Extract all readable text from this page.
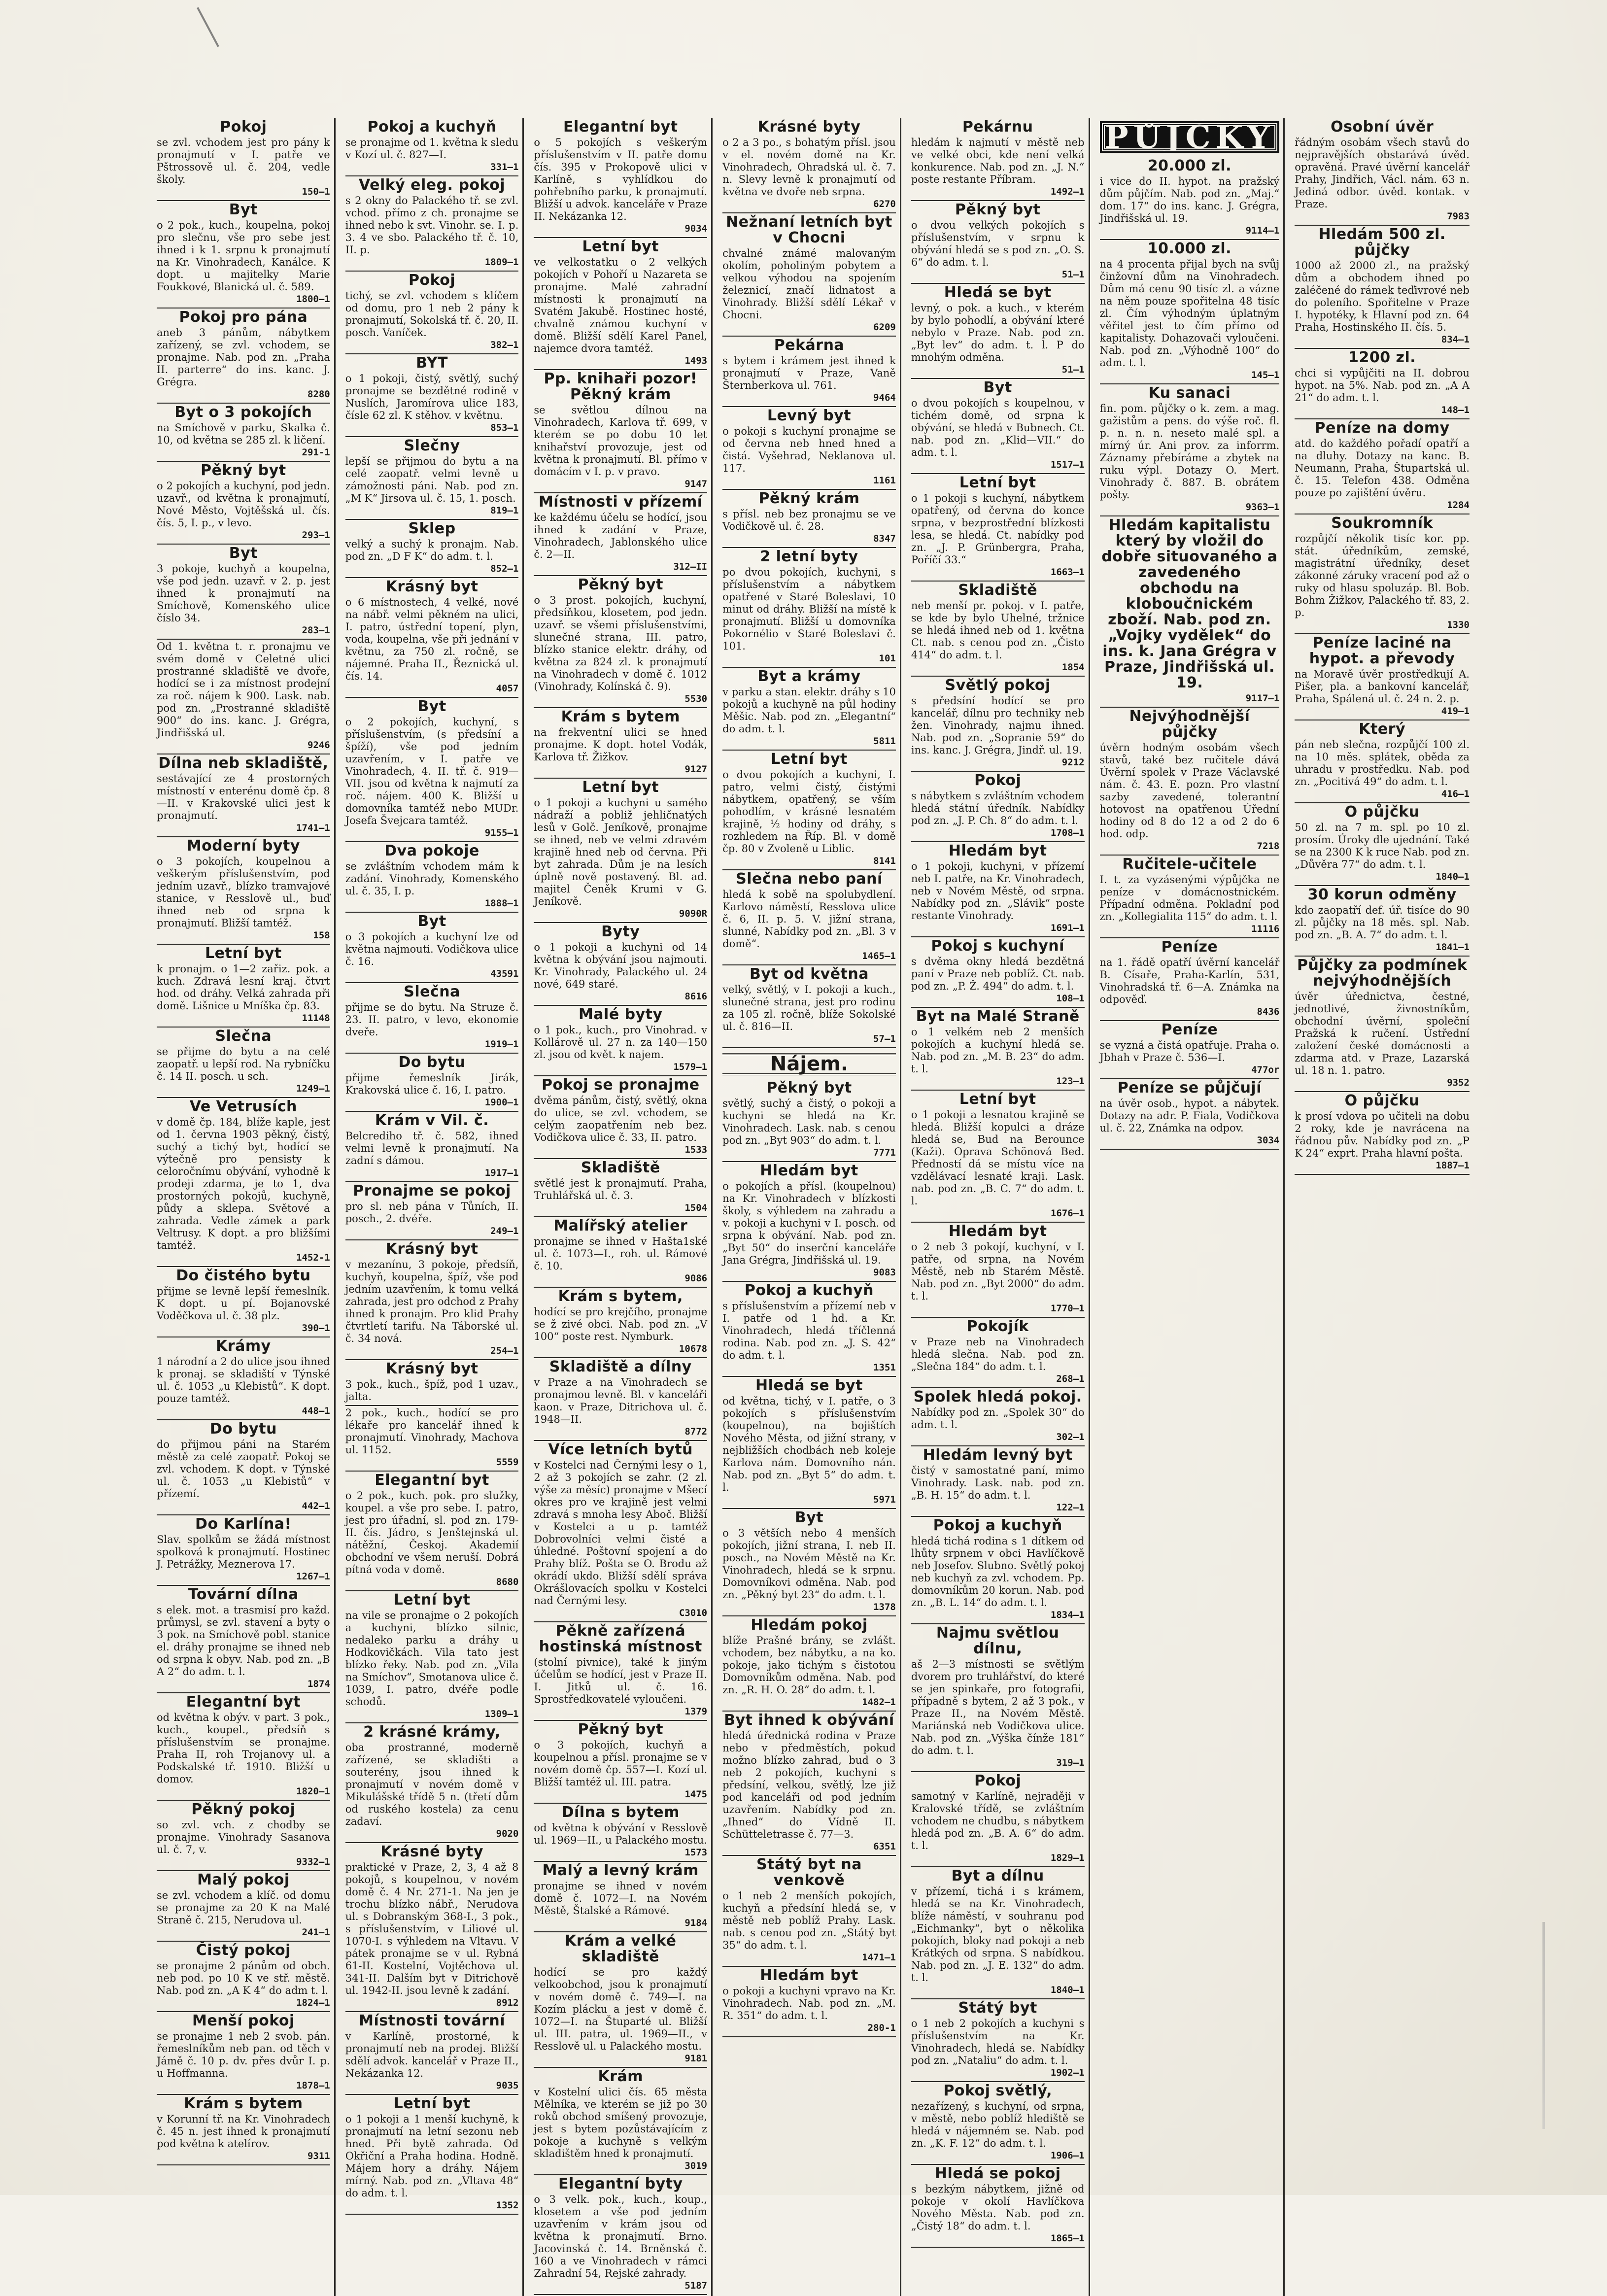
Pokoj

se zvl. vchodem jest pro pány k pronajmutí v I. patře ve Pštrossově ul. č. 204, vedle školy.

150—1
Byt

o 2 pok., kuch., koupelna, pokoj pro slečnu, vše pro sebe jest ihned i k 1. srpnu k pronajmutí na Kr. Vinohradech, Kanálce. K dopt. u majitelky Marie Foukkové, Blanická ul. č. 589.

1800—1
Pokoj pro pána

aneb 3 pánům, nábytkem zařízený, se zvl. vchodem, se pronajme. Nab. pod zn. „Praha II. parterre“ do ins. kanc. J. Grégra.

8280
Byt o 3 pokojích

na Smíchově v parku, Skalka č. 10, od května se 285 zl. k ličení.

291-1
Pěkný byt

o 2 pokojích a kuchyní, pod jedn. uzavř., od května k pronajmutí, Nové Město, Vojtěšská ul. čís. čís. 5, I. p., v levo.

293—1
Byt

3 pokoje, kuchyň a koupelna, vše pod jedn. uzavř. v 2. p. jest ihned k pronajmutí na Smíchově, Komenského ulice číslo 34.

283—1

Od 1. května t. r. pronajmu ve svém domě v Celetné ulici prostranné skladiště ve dvoře, hodící se i za místnost prodejní za roč. nájem k 900. Lask. nab. pod zn. „Prostranné skladiště 900“ do ins. kanc. J. Grégra, Jindřišská ul.

9246
Dílna neb skladiště,

sestávající ze 4 prostorných místností v enterénu domě čp. 8—II. v Krakovské ulici jest k pronajmutí.

1741—1
Moderní byty

o 3 pokojích, koupelnou a veškerým příslušenstvím, pod jedním uzavř., blízko tramvajové stanice, v Resslově ul., buď ihned neb od srpna k pronajmutí. Bližší tamtéž.

158
Letní byt

k pronajm. o 1—2 zařiz. pok. a kuch. Zdravá lesní kraj. čtvrt hod. od dráhy. Velká zahrada při domě. Lišnice u Mníška čp. 83.

11148
Slečna

se přijme do bytu a na celé zaopatř. u lepší rod. Na rybníčku č. 14 II. posch. u sch.

1249—1
Ve Vetrusích

v domě čp. 184, blíže kaple, jest od 1. června 1903 pěkný, čistý, suchý a tichý byt, hodící se výtečně pro pensisty k celoročnímu obývání, vyhodně k prodeji zdarma, je to 1, dva prostorných pokojů, kuchyně, půdy a sklepa. Světové a zahrada. Vedle zámek a park Veltrusy. K dopt. a pro bližšími tamtéž.

1452-1
Do čistého bytu

přijme se levně lepší řemeslník. K dopt. u pí. Bojanovské Voděčkova ul. č. 38 plz.

390—1
Krámy

1 národní a 2 do ulice jsou ihned k pronaj. se skladiští v Týnské ul. č. 1053 „u Klebistů“. K dopt. pouze tamtéž.

448—1
Do bytu

do přijmou páni na Starém městě za celé zaopatř. Pokoj se zvl. vchodem. K dopt. v Týnské ul. č. 1053 „u Klebistů“ v přízemí.

442—1
Do Karlína!

Slav. spolkům se žádá místnost spolková k pronajmutí. Hostinec J. Petrážky, Meznerova 17.

1267—1
Tovární dílna

s elek. mot. a trasmisí pro každ. průmysl, se zvl. stavení a byty o 3 pok. na Smíchově pobl. stanice el. dráhy pronajme se ihned neb od srpna k obyv. Nab. pod zn. „B A 2“ do adm. t. l.

1874
Elegantní byt

od května k obýv. v part. 3 pok., kuch., koupel., předsíň s příslušenstvím se pronajme. Praha II, roh Trojanovy ul. a Podskalské tř. 1910. Bližší u domov.

1820—1
Pěkný pokoj

so zvl. vch. z chodby se pronajme. Vinohrady Sasanova ul. č. 7, v.

9332—1
Malý pokoj

se zvl. vchodem a klíč. od domu se pronajme za 20 K na Malé Straně č. 215, Nerudova ul.

241—1
Čistý pokoj

se pronajme 2 pánům od obch. neb pod. po 10 K ve stř. městě. Nab. pod zn. „A K 4“ do adm t. l.

1824—1
Menší pokoj

se pronajme 1 neb 2 svob. pán. řemeslníkům neb pan. od těch v Jámě č. 10 p. dv. přes dvůr I. p. u Hoffmanna.

1878—1
Krám s bytem

v Korunní tř. na Kr. Vinohradech č. 45 n. jest ihned k pronajmutí pod května k atelírov.

9311
Pokoj a kuchyň

se pronajme od 1. května k sledu v Kozí ul. č. 827—I.

331—1
Velký eleg. pokoj

s 2 okny do Palackého tř. se zvl. vchod. přímo z ch. pronajme se ihned nebo k svt. Vinohr. se. I. p. 3. 4 ve sbo. Palackého tř. č. 10, II. p.

1809—1
Pokoj

tichý, se zvl. vchodem s klíčem od domu, pro 1 neb 2 pány k pronajmutí, Sokolská tř. č. 20, II. posch. Vaníček.

382—1
BYT

o 1 pokoji, čistý, světlý, suchý pronajme se bezdětné rodině v Nuslích, Jaromírova ulice 183, čísle 62 zl. K stěhov. v květnu.

853—1
Slečny

lepší se přijmou do bytu a na celé zaopatř. velmi levně u zámožnosti páni. Nab. pod zn. „M K“ Jirsova ul. č. 15, 1. posch.

819—1
Sklep

velký a suchý k pronajm. Nab. pod zn. „D F K“ do adm. t. l.

852—1
Krásný byt

o 6 místnostech, 4 velké, nové na nábř. velmi pěkném na ulici, I. patro, ústřední topení, plyn, voda, koupelna, vše při jednání v květnu, za 750 zl. ročně, se nájemné. Praha II., Řeznická ul. čís. 14.

4057
Byt

o 2 pokojích, kuchyní, s příslušenstvím, (s předsíní a špíží), vše pod jedním uzavřením, v I. patře ve Vinohradech, 4. II. tř. č. 919—VII. jsou od května k najmutí za roč. nájem. 400 K. Bližší u domovníka tamtéž nebo MUDr. Josefa Švejcara tamtéž.

9155—1
Dva pokoje

se zvláštním vchodem mám k zadání. Vinohrady, Komenského ul. č. 35, I. p.

1888—1
Byt

o 3 pokojích a kuchyní lze od května najmouti. Vodičkova ulice č. 16.

43591
Slečna

přijme se do bytu. Na Struze č. 23. II. patro, v levo, ekonomie dveře.

1919—1
Do bytu

přijme řemeslník Jirák, Krakovská ulice č. 16, I. patro.

1900—1
Krám v Vil. č.

Belcrediho tř. č. 582, ihned velmi levně k pronajmutí. Na zadní s dámou.

1917—1
Pronajme se pokoj

pro sl. neb pána v Tůních, II. posch., 2. dvéře.

249—1
Krásný byt

v mezanínu, 3 pokoje, předsíň, kuchyň, koupelna, špíž, vše pod jedním uzavřením, k tomu velká zahrada, jest pro odchod z Prahy ihned k pronajm. Pro klid Prahy čtvrtletí tarifu. Na Táborské ul. č. 34 nová.

254—1
Krásný byt

3 pok., kuch., špíž, pod 1 uzav., jalta.

2 pok., kuch., hodící se pro lékaře pro kancelář ihned k pronajmutí. Vinohrady, Machova ul. 1152.

5559
Elegantní byt

o 2 pok., kuch. pok. pro služky, koupel. a vše pro sebe. I. patro, jest pro úřadní, sl. pod zn. 179-II. čís. Jádro, s Jenštejnská ul. nátěžní, Českoj. Akademií obchodní ve všem neruší. Dobrá pítná voda v domě.

8680
Letní byt

na vile se pronajme o 2 pokojích a kuchyni, blízko silnic, nedaleko parku a dráhy u Hodkovičkách. Vila tato jest blízko řeky. Nab. pod zn. „Vila na Smíchov“, Smotanova ulice č. 1039, I. patro, dvéře podle schodů.

1309—1
2 krásné krámy,

oba prostranné, moderně zařízené, se skladišti a souterény, jsou ihned k pronajmutí v novém domě v Mikulášské třídě 5 n. (třetí dům od ruského kostela) za cenu zadaví.

9020
Krásné byty

praktické v Praze, 2, 3, 4 až 8 pokojů, s koupelnou, v novém domě č. 4 Nr. 271-1. Na jen je trochu blízko nábř., Nerudova ul. s Dobranským 368-I., 3 pok., s příslušenstvím, v Liliové ul. 1070-I. s výhledem na Vltavu. V pátek pronajme se v ul. Rybná 61-II. Kostelní, Vojtěchova ul. 341-II. Dalším byt v Ditrichově ul. 1942-II. jsou levně k zadání.

8912
Místnosti tovární

v Karlíně, prostorné, k pronajmutí neb na prodej. Bližší sdělí advok. kancelář v Praze II., Nekázanka 12.

9035
Letní byt

o 1 pokoji a 1 menší kuchyně, k pronajmutí na letní sezonu neb hned. Při bytě zahrada. Od Okřiční a Praha hodina. Hodně. Májem hory a dráhy. Nájem mírný. Nab. pod zn. „Vltava 48“ do adm. t. l.

1352
Elegantní byt

o 5 pokojích s veškerým příslušenstvím v II. patře domu čís. 395 v Prokopově ulici v Karlíně, s vyhlídkou do pohřebního parku, k pronajmutí. Bližší u advok. kanceláře v Praze II. Nekázanka 12.

9034
Letní byt

ve velkostatku o 2 velkých pokojích v Pohoří u Nazareta se pronajme. Malé zahradní místnosti k pronajmutí na Svatém Jakubě. Hostinec hosté, chvalně známou kuchyní v domě. Bližší sdělí Karel Panel, najemce dvora tamtéž.

1493
Pp. knihaři pozor! Pěkný krám

se světlou dílnou na Vinohradech, Karlova tř. 699, v kterém se po dobu 10 let knihařství provozuje, jest od května k pronajmutí. Bl. přímo v domácím v I. p. v pravo.

9147
Místnosti v přízemí

ke každému účelu se hodící, jsou ihned k zadání v Praze, Vinohradech, Jablonského ulice č. 2—II.

312—II
Pěkný byt

o 3 prost. pokojích, kuchyní, předsíňkou, klosetem, pod jedn. uzavř. se všemi příslušenstvími, slunečné strana, III. patro, blízko stanice elektr. dráhy, od května za 824 zl. k pronajmutí na Vinohradech v domě č. 1012 (Vinohrady, Kolínská č. 9).

5530
Krám s bytem

na frekventní ulici se hned pronajme. K dopt. hotel Vodák, Karlova tř. Žižkov.

9127
Letní byt

o 1 pokoji a kuchyni u samého nádraží a pobliž jehličnatých lesů v Golč. Jeníkově, pronajme se ihned, neb ve velmi zdravém krajině hned neb od června. Při byt zahrada. Dům je na lesích úplně nově postavený. Bl. ad. majitel Čeněk Krumi v G. Jeníkově.

9090R
Byty

o 1 pokoji a kuchyni od 14 května k obývání jsou najmouti. Kr. Vinohrady, Palackého ul. 24 nové, 649 staré.

8616
Malé byty

o 1 pok., kuch., pro Vinohrad. v Kollárově ul. 27 n. za 140—150 zl. jsou od květ. k najem.

1579—1
Pokoj se pronajme

dvěma pánům, čistý, světlý, okna do ulice, se zvl. vchodem, se celým zaopatřením neb bez. Vodičkova ulice č. 33, II. patro.

1533
Skladiště

světlé jest k pronajmutí. Praha, Truhlářská ul. č. 3.

1504
Malířský atelier

pronajme se ihned v Hašta1ské ul. č. 1073—I., roh. ul. Rámové č. 10.

9086
Krám s bytem,

hodící se pro krejčího, pronajme se ž zivé obci. Nab. pod zn. „V 100“ poste rest. Nymburk.

10678
Skladiště a dílny

v Praze a na Vinohradech se pronajmou levně. Bl. v kanceláři kaon. v Praze, Ditrichova ul. č. 1948—II.

8772
Více letních bytů

v Kostelci nad Černými lesy o 1, 2 až 3 pokojích se zahr. (2 zl. výše za měsíc) pronajme v Mšecí okres pro ve krajině jest velmi zdravá s mnoha lesy Aboč. Bližší v Kostelci a u p. tamtéž Dobrovolníci velmi čisté a úhledné. Poštovní spojení a do Prahy blíž. Pošta se O. Brodu až okrádí ukdo. Bližší sdělí správa Okrášlovacích spolku v Kostelci nad Černými lesy.

C3010
Pěkně zařízená hostinská místnost

(stolní pivnice), také k jiným účelům se hodící, jest v Praze II. I. Jitků ul. č. 16. Sprostředkovatelé vyloučeni.

1379
Pěkný byt

o 3 pokojích, kuchyň a koupelnou a přísl. pronajme se v novém domě čp. 557—I. Kozí ul. Bližší tamtéž ul. III. patra.

1475
Dílna s bytem

od května k obývání v Resslově ul. 1969—II., u Palackého mostu.

1573
Malý a levný krám

pronajme se ihned v novém domě č. 1072—I. na Novém Městě, Štalské a Rámové.

9184
Krám a velké skladiště

hodící se pro každý velkoobchod, jsou k pronajmutí v novém domě č. 749—I. na Kozím plácku a jest v domě č. 1072—I. na Štuparté ul. Bližší ul. III. patra, ul. 1969—II., v Resslově ul. u Palackého mostu.

9181
Krám

v Kostelní ulici čís. 65 města Mělníka, ve kterém se již po 30 roků obchod smíšený provozuje, jest s bytem pozůstávajícím z pokoje a kuchyně s velkým skladištěm hned k pronajmutí.

3019
Elegantní byty

o 3 velk. pok., kuch., koup., klosetem a vše pod jedním uzavřením v krám jsou od května k pronajmutí. Brno. Jacovinská č. 14. Brněnská č. 160 a ve Vinohradech v rámci Zahradní 54, Rejské zahrady.

5187
Krásné byty

o 2 a 3 po., s bohatým přísl. jsou v el. novém domě na Kr. Vinohradech, Ohradská ul. č. 7. n. Slevy levně k pronajmutí od května ve dvoře neb srpna.

6270
Nežnaní letních byt v Chocni

chvalné známé malovaným okolím, poholiným pobytem a velkou výhodou na spojením železnicí, značí lidnatost a Vinohrady. Bližší sdělí Lékař v Chocni.

6209
Pekárna

s bytem i krámem jest ihned k pronajmutí v Praze, Vaně Šternberkova ul. 761.

9464
Levný byt

o pokoji s kuchyní pronajme se od června neb hned hned a čistá. Vyšehrad, Neklanova ul. 117.

1161
Pěkný krám

s přísl. neb bez pronajmu se ve Vodičkově ul. č. 28.

8347
2 letní byty

po dvou pokojích, kuchyni, s příslušenstvím a nábytkem opatřené v Staré Boleslavi, 10 minut od dráhy. Bližší na místě k pronajmutí. Bližší u domovníka Pokornélio v Staré Boleslavi č. 101.

101
Byt a krámy

v parku a stan. elektr. dráhy s 10 pokojů a kuchyně na půl hodiny Měšic. Nab. pod zn. „Elegantní“ do adm. t. l.

5811
Letní byt

o dvou pokojích a kuchyni, I. patro, velmi čistý, čistými nábytkem, opatřený, se vším pohodlím, v krásné lesnatém krajině, ½ hodiny od dráhy, s rozhledem na Říp. Bl. v domě čp. 80 v Zvoleně u Liblic.

8141
Slečna nebo paní

hledá k sobě na spolubydlení. Karlovo náměstí, Resslova ulice č. 6, II. p. 5. V. jižní strana, slunné, Nabídky pod zn. „Bl. 3 v domě“.

1465—1
Byt od května

velký, světlý, v I. pokoji a kuch., slunečné strana, jest pro rodinu za 105 zl. ročně, blíže Sokolské ul. č. 816—II.

57—1
Nájem.
Pěkný byt

světlý, suchý a čistý, o pokoji a kuchyni se hledá na Kr. Vinohradech. Lask. nab. s cenou pod zn. „Byt 903“ do adm. t. l.

7771
Hledám byt

o pokojích a přísl. (koupelnou) na Kr. Vinohradech v blízkosti školy, s výhledem na zahradu a v. pokoji a kuchyni v I. posch. od srpna k obývání. Nab. pod zn. „Byt 50“ do inserční kanceláře Jana Grégra, Jindřišská ul. 19.

9083
Pokoj a kuchyň

s příslušenstvím a přízemí neb v I. patře od 1 hd. a Kr. Vinohradech, hledá tříčlenná rodina. Nab. pod zn. „J. S. 42“ do adm. t. l.

1351
Hledá se byt

od května, tichý, v I. patře, o 3 pokojích s příslušenstvím (koupelnou), na bojištích Nového Města, od jižní strany, v nejbližších chodbách neb koleje Karlova nám. Domovního nán. Nab. pod zn. „Byt 5“ do adm. t. l.

5971
Byt

o 3 větších nebo 4 menších pokojích, jižní strana, I. neb II. posch., na Novém Městě na Kr. Vinohradech, hledá se k srpnu. Domovníkovi odměna. Nab. pod zn. „Pěkný byt 23“ do adm. t. l.

1378
Hledám pokoj

blíže Prašné brány, se zvlášt. vchodem, bez nábytku, a na ko. pokoje, jako tichým s čistotou Domovníkům odměna. Nab. pod zn. „R. H. O. 28“ do adm. t. l.

1482—1
Byt ihned k obývání

hledá úřednická rodina v Praze nebo v předměstích, pokud možno blízko zahrad, bud o 3 neb 2 pokojích, kuchyni s předsíní, velkou, světlý, lze již pod kanceláři od pod jedním uzavřením. Nabídky pod zn. „Ihned“ do Vídně II. Schütteletrasse č. 77—3.

6351
Státý byt na venkově

o 1 neb 2 menších pokojích, kuchyň a předsíní hledá se, v městě neb poblíž Prahy. Lask. nab. s cenou pod zn. „Státý byt 35“ do adm. t. l.

1471—1
Hledám byt

o pokoji a kuchyni vpravo na Kr. Vinohradech. Nab. pod zn. „M. R. 351“ do adm. t. l.

280-1
Pekárnu

hledám k najmutí v městě neb ve velké obci, kde není velká konkurence. Nab. pod zn. „J. N.“ poste restante Příbram.

1492—1
Pěkný byt

o dvou velkých pokojích s příslušenstvím, v srpnu k obývání hledá se s pod zn. „O. S. 6“ do adm. t. l.

51—1
Hledá se byt

levný, o pok. a kuch., v kterém by bylo pohodlí, a obývání které nebylo v Praze. Nab. pod zn. „Byt lev“ do adm. t. l. P do mnohým odměna.

51—1
Byt

o dvou pokojích s koupelnou, v tichém domě, od srpna k obývání, se hledá v Bubnech. Ct. nab. pod zn. „Klid—VII.“ do adm. t. l.

1517—1
Letní byt

o 1 pokoji s kuchyní, nábytkem opatřený, od června do konce srpna, v bezprostřední blízkosti lesa, se hledá. Ct. nabídky pod zn. „J. P. Grünbergra, Praha, Poříčí 33.“

1663—1
Skladiště

neb menší pr. pokoj. v I. patře, se kde by bylo Uhelné, tržnice se hledá ihned neb od 1. května Ct. nab. s cenou pod zn. „Čisto 414“ do adm. t. l.

1854
Světlý pokoj

s předsíní hodící se pro kancelář, dílnu pro techniky neb žen. Vinohrady, najmu ihned. Nab. pod zn. „Sopranie 59“ do ins. kanc. J. Grégra, Jindř. ul. 19.

9212
Pokoj

s nábytkem s zvláštním vchodem hledá státní úředník. Nabídky pod zn. „J. P. Ch. 8“ do adm. t. l.

1708—1
Hledám byt

o 1 pokoji, kuchyni, v přízemí neb I. patře, na Kr. Vinohradech, neb v Novém Městě, od srpna. Nabídky pod zn. „Slávik“ poste restante Vinohrady.

1691—1
Pokoj s kuchyní

s dvěma okny hledá bezdětná paní v Praze neb poblíž. Ct. nab. pod zn. „P. Ž. 494“ do adm. t. l.

108—1
Byt na Malé Straně

o 1 velkém neb 2 menších pokojích a kuchyní hledá se. Nab. pod zn. „M. B. 23“ do adm. t. l.

123—1
Letní byt

o 1 pokoji a lesnatou krajině se hledá. Bližší kopulci a dráze hledá se, Bud na Berounce (Kaži). Oprava Schönová Bed. Předností dá se místu více na vzdělávací lesnaté kraji. Lask. nab. pod zn. „B. C. 7“ do adm. t. l.

1676—1
Hledám byt

o 2 neb 3 pokojí, kuchyní, v I. patře, od srpna, na Novém Městě, neb nb Starém Městě. Nab. pod zn. „Byt 2000“ do adm. t. l.

1770—1
Pokojík

v Praze neb na Vinohradech hledá slečna. Nab. pod zn. „Slečna 184“ do adm. t. l.

268—1
Spolek hledá pokoj.

Nabídky pod zn. „Spolek 30“ do adm. t. l.

302—1
Hledám levný byt

čistý v samostatné paní, mimo Vinohrady. Lask. nab. pod zn. „B. H. 15“ do adm. t. l.

122—1
Pokoj a kuchyň

hledá tichá rodina s 1 dítkem od lhůty srpnem v obci Havlíčkově neb Josefov. Slubno. Světlý pokoj neb kuchyň za zvl. vchodem. Pp. domovníkům 20 korun. Nab. pod zn. „B. L. 14“ do adm. t. l.

1834—1
Najmu světlou dílnu,

aš 2—3 místnosti se světlým dvorem pro truhlářství, do které se jen spinkaře, pro fotografii, případně s bytem, 2 až 3 pok., v Praze II., na Novém Městě. Mariánská neb Vodičkova ulice. Nab. pod zn. „Výška čínže 181“ do adm. t. l.

319—1
Pokoj

samotný v Karlíně, nejraději v Kralovské třídě, se zvláštním vchodem ne chudbu, s nábytkem hledá pod zn. „B. A. 6“ do adm. t. l.

1829—1
Byt a dílnu

v přízemí, tichá i s krámem, hledá se na Kr. Vinohradech, blíže náměstí, v souhranu pod „Eichmanky“, byt o několika pokojích, bloky nad pokoji a neb Krátkých od srpna. S nabídkou. Nab. pod zn. „J. E. 132“ do adm. t. l.

1840—1
Státý byt

o 1 neb 2 pokojích a kuchyni s příslušenstvím na Kr. Vinohradech, hledá se. Nabídky pod zn. „Nataliu“ do adm. t. l.

1902—1
Pokoj světlý,

nezařízený, s kuchyní, od srpna, v městě, nebo poblíž hlediště se hledá v nájemném se. Nab. pod zn. „K. F. 12“ do adm. t. l.

1906—1
Hledá se pokoj

s bezkým nábytkem, jižně od pokoje v okolí Havlíčkova Nového Města. Nab. pod zn. „Čistý 18“ do adm. t. l.

1865—1
PŮJČKY
20.000 zl.

i vice do II. hypot. na pražský dům půjčím. Nab. pod zn. „Maj.“ dom. 17“ do ins. kanc. J. Grégra, Jindřišská ul. 19.

9114—1
10.000 zl.

na 4 procenta přijal bych na svůj činžovní dům na Vinohradech. Dům má cenu 90 tisíc zl. a vázne na něm pouze spořitelna 48 tisíc zl. Čím výhodným úplatným věřitel jest to čím přímo od kapitalisty. Dohazovači vyloučeni. Nab. pod zn. „Výhodně 100“ do adm. t. l.

145—1
Ku sanaci

fin. pom. půjčky o k. zem. a mag. gažistům a pens. do výše roč. fl. p. n. n. n. neseto malé spl. a mírný úr. Ani prov. za inforrm. Záznamy přebíráme a zbytek na ruku výpl. Dotazy O. Mert. Vinohrady č. 887. B. obrátem pošty.

9363—1
Hledám kapitalistu který by vložil do dobře situovaného a zavedeného obchodu na kloboučnickém zboží. Nab. pod zn. „Vojky vydělek“ do ins. k. Jana Grégra v Praze, Jindřišská ul. 19.
9117—1
Nejvýhodnější půjčky

úvěrn hodným osobám všech stavů, také bez ručitele dává Úvěrní spolek v Praze Václavské nám. č. 43. E. pozn. Pro vlastní sazby zavedené, tolerantní hotovost na opatřenou Úřední hodiny od 8 do 12 a od 2 do 6 hod. odp.

7218
Ručitele-učitele

I. t. za vyzásenými výpůjčka ne peníze v domácnostnickém. Případní odměna. Pokladní pod zn. „Kollegialita 115“ do adm. t. l.

11116
Peníze

na 1. řádě opatří úvěrní kancelář B. Císaře, Praha-Karlín, 531, Vinohradská tř. 6—A. Známka na odpověď.

8436
Peníze

se vyzná a čistá opatřuje. Praha o. Jbhah v Praze č. 536—I.

477or
Peníze se půjčují

na úvěr osob., hypot. a nábytek. Dotazy na adr. P. Fiala, Vodičkova ul. č. 22, Známka na odpov.

3034
Osobní úvěr

řádným osobám všech stavů do nejpravějších obstarává úvěd. opravěná. Pravé úvěrní kancelář Prahy, Jindřich, Václ. nám. 63 n. Jediná odbor. úvěd. kontak. v Praze.

7983
Hledám 500 zl. půjčky

1000 až 2000 zl., na pražský dům a obchodem ihned po zaléčené do rámek teďivrové neb do poleního. Spořitelne v Praze I. hypotéky, k Hlavní pod zn. 64 Praha, Hostinského II. čís. 5.

834—1
1200 zl.

chci si vypůjčiti na II. dobrou hypot. na 5%. Nab. pod zn. „A A 21“ do adm. t. l.

148—1
Peníze na domy

atd. do každého pořadí opatří a na dluhy. Dotazy na kanc. B. Neumann, Praha, Štupartská ul. č. 15. Telefon 438. Odměna pouze po zajištění úvěru.

1284
Soukromník

rozpůjčí několik tisíc kor. pp. stát. úředníkům, zemské, magistrátní úředníky, deset zákonné záruky vracení pod až o ruky od hlasu spoluzáp. Bl. Bob. Bohm Žižkov, Palackého tř. 83, 2. p.

1330
Peníze laciné na hypot. a převody

na Moravě úvěr prostředkují A. Pišer, pla. a bankovní kancelář, Praha, Spálená ul. č. 24 n. 2. p.

419—1
Který

pán neb slečna, rozpůjčí 100 zl. na 10 měs. splátek, oběda za uhradu v prostředku. Nab. pod zn. „Pocitivá 49“ do adm. t. l.

416—1
O půjčku

50 zl. na 7 m. spl. po 10 zl. prosím. Úroky dle ujednání. Také se na 2300 K k ruce Nab. pod zn. „Důvěra 77“ do adm. t. l.

1840—1
30 korun odměny

kdo zaopatří def. úř. tisíce do 90 zl. půjčky na 18 měs. spl. Nab. pod zn. „B. A. 7“ do adm. t. l.

1841—1
Půjčky za podmínek nejvýhodnějších

úvěr úřednictva, čestné, jednotlivé, živnostníkům, obchodní úvěrní, společní Pražská k ručení. Ústřední založení české domácnosti a zdarma atd. v Praze, Lazarská ul. 18 n. 1. patro.

9352
O půjčku

k prosí vdova po učiteli na dobu 2 roky, kde je navrácena na řádnou pův. Nabídky pod zn. „P K 24“ exprt. Praha hlavní pošta.

1887—1
